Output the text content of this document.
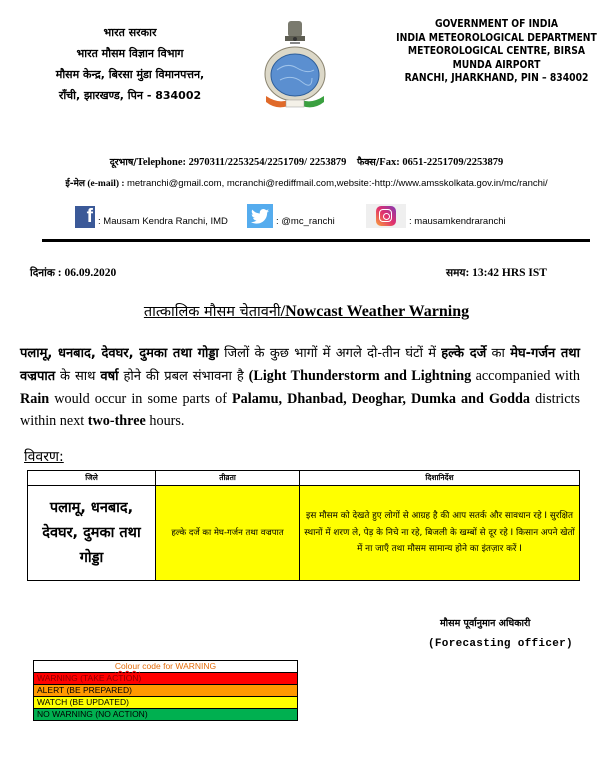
भारत सरकार
भारत मौसम विज्ञान विभाग
मौसम केन्द्र, बिरसा मुंडा विमानपत्तन,
राँची, झारखण्ड, पिन - 834002
GOVERNMENT OF INDIA
INDIA METEOROLOGICAL DEPARTMENT
METEOROLOGICAL CENTRE, BIRSA MUNDA AIRPORT
RANCHI, JHARKHAND, PIN – 834002
दूरभाष/Telephone: 2970311/2253254/2251709/ 2253879 फैक्स/Fax: 0651-2251709/2253879
ई-मेल (e-mail) : metranchi@gmail.com, mcranchi@rediffmail.com,website:-http://www.amsskolkata.gov.in/mc/ranchi/
f : Mausam Kendra Ranchi, IMD	: @mc_ranchi	: mausamkendraranchi
दिनांक : 06.09.2020	समय: 13:42 HRS IST
तात्कालिक मौसम चेतावनी/Nowcast Weather Warning
पलामू, धनबाद, देवघर, दुमका तथा गोड्डा जिलों के कुछ भागों में अगले दो-तीन घंटों में हल्के दर्जे का मेघ-गर्जन तथा वज्रपात के साथ वर्षा होने की प्रबल संभावना है (Light Thunderstorm and Lightning accompanied with Rain would occur in some parts of Palamu, Dhanbad, Deoghar, Dumka and Godda districts within next two-three hours.
विवरण:
जिले	तीव्रता	दिशानिर्देश
पलामू, धनबाद, देवघर, दुमका तथा गोड्डा	हल्के दर्जे का मेघ-गर्जन तथा वज्रपात	इस मौसम को देखते हुए लोगों से आग्रह है की आप सतर्क और सावधान रहे I सुरक्षित स्थानों में शरण ले, पेड़ के निचे ना रहे, बिजली के खम्बों से दूर रहे I किसान अपने खेतों में ना जाएँ तथा मौसम सामान्य होने का इंतज़ार करें I
मौसम पूर्वानुमान अधिकारी
(Forecasting officer)
Colour code for WARNING
WARNING (TAKE ACTION)
ALERT (BE PREPARED)
WATCH (BE UPDATED)
NO WARNING (NO ACTION)
